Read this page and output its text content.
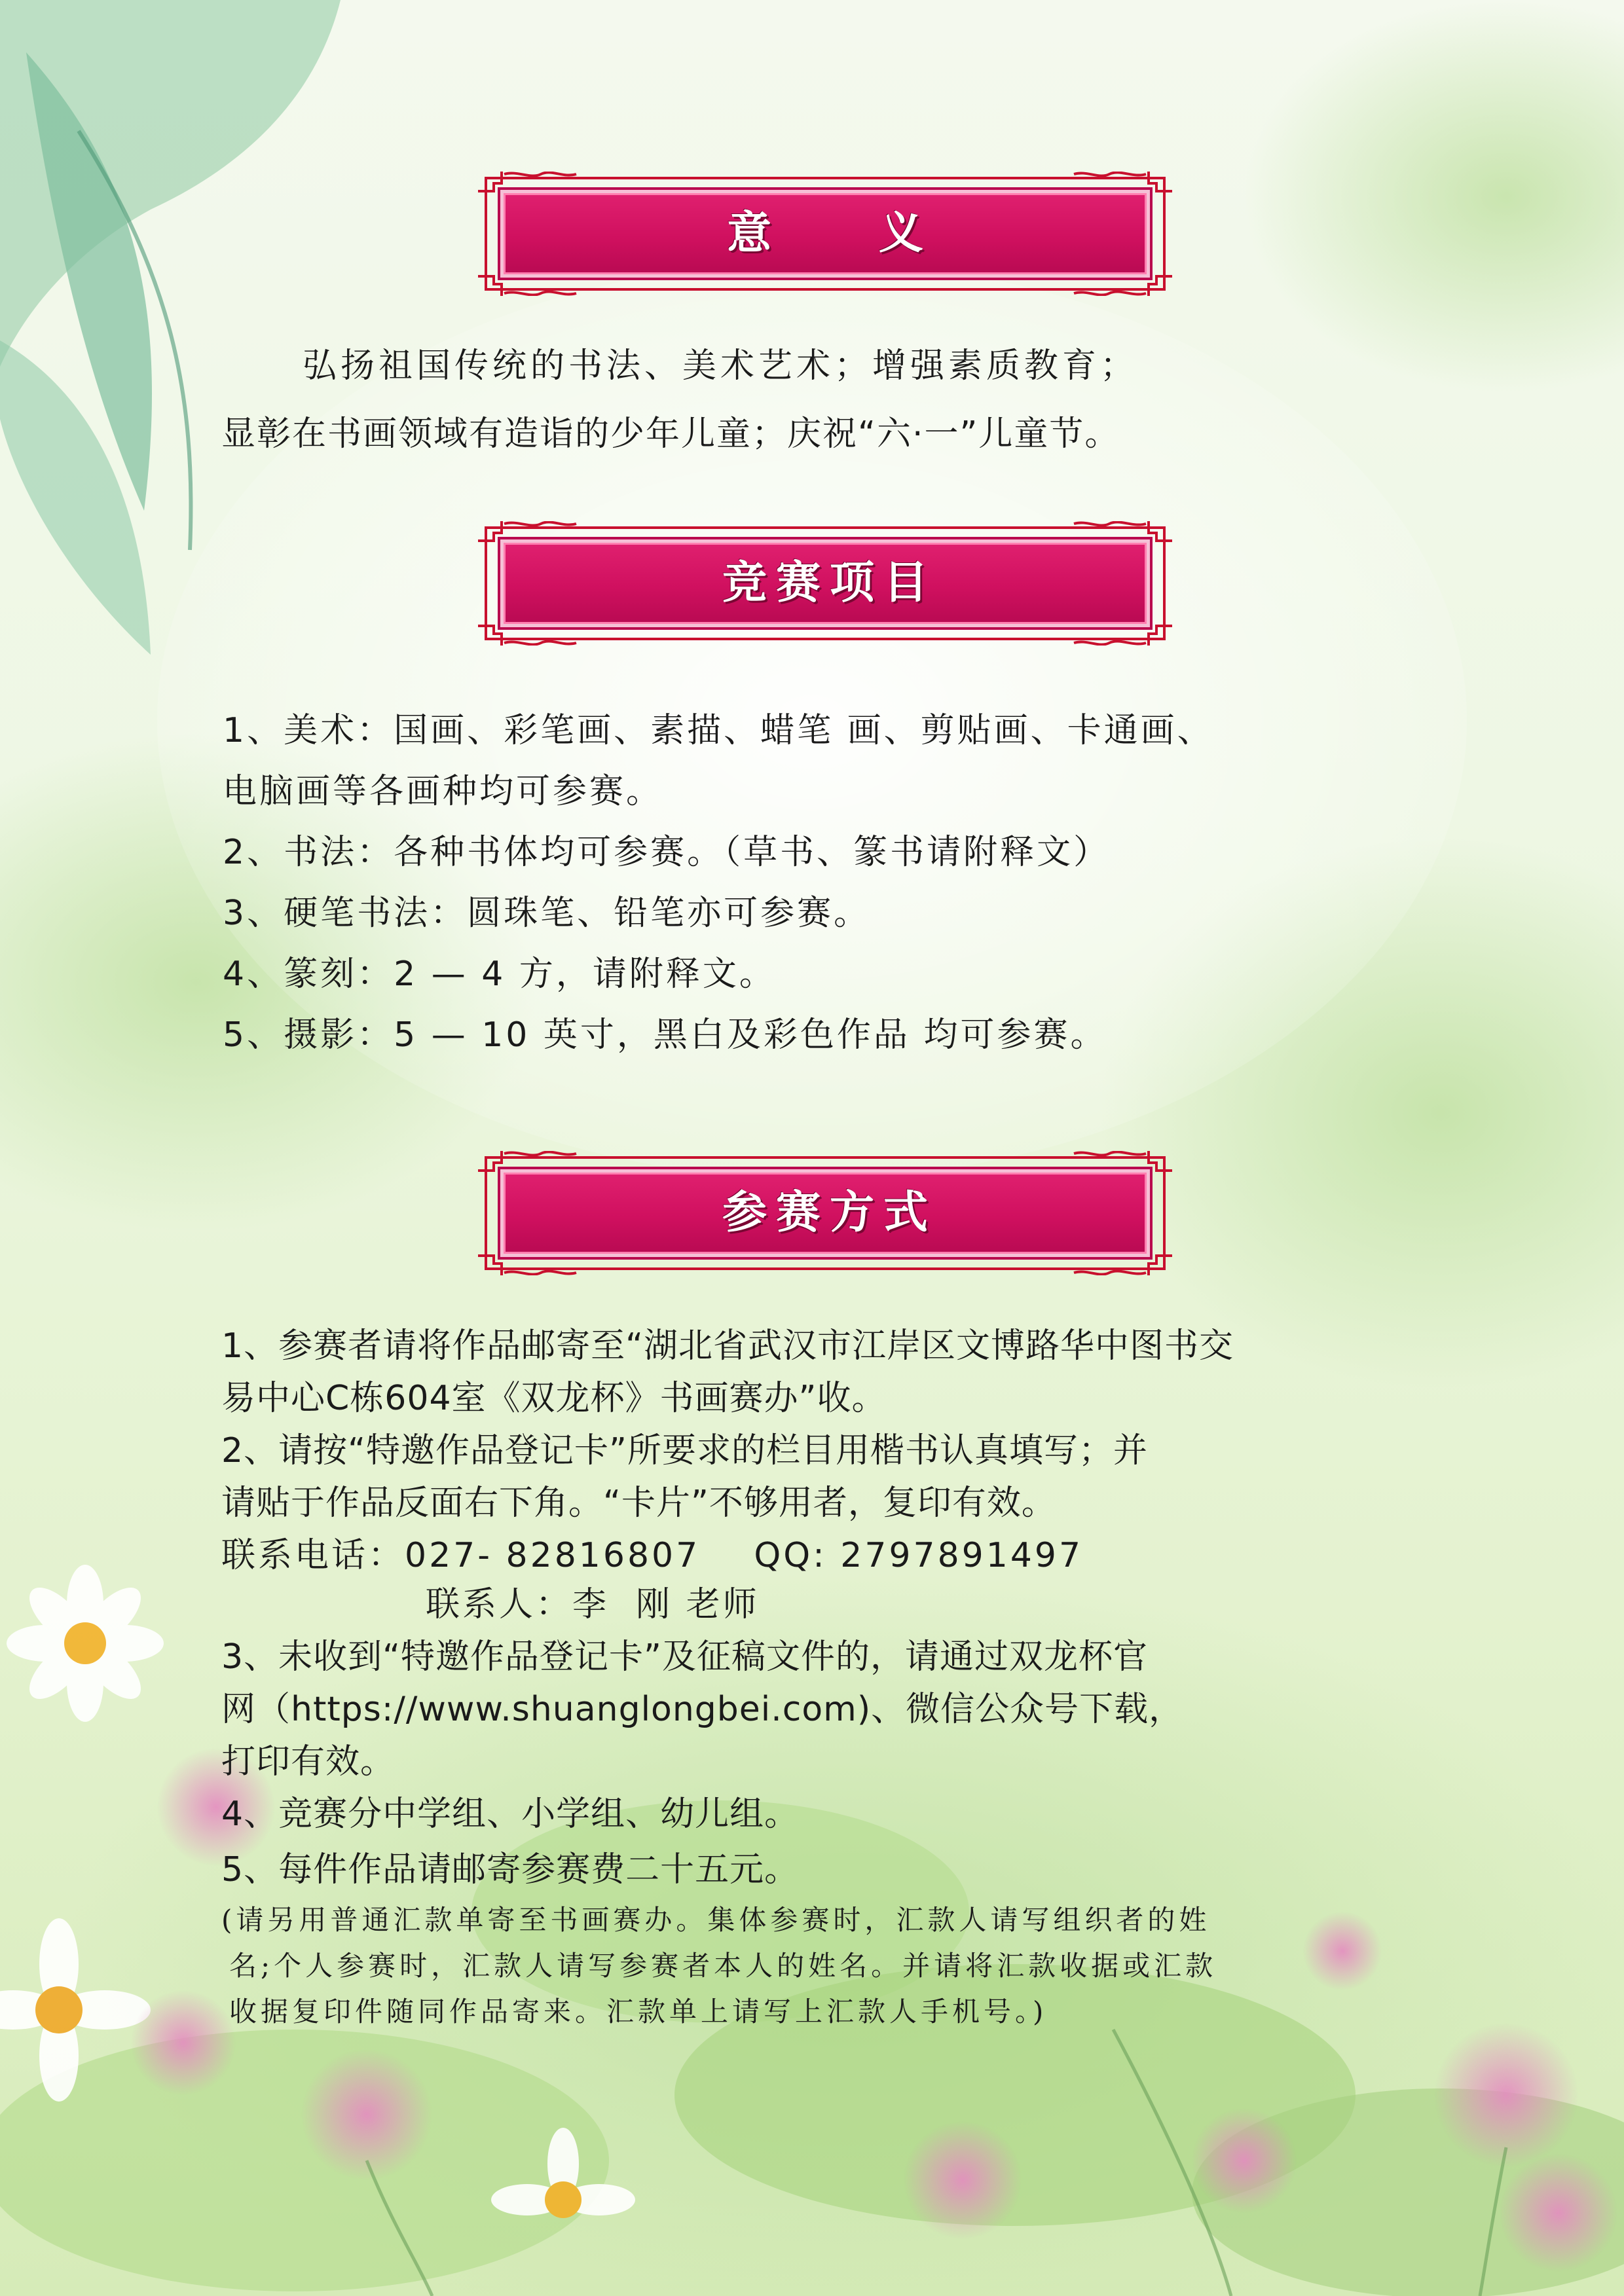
意 义
弘扬祖国传统的书法、美术艺术；增强素质教育；
显彰在书画领域有造诣的少年儿童；庆祝“六·一”儿童节。
竞赛项目
1、美术：国画、彩笔画、素描、蜡笔 画、剪贴画、卡通画、
电脑画等各画种均可参赛。
2、书法：各种书体均可参赛。（草书、篆书请附释文）
3、硬笔书法：圆珠笔、铅笔亦可参赛。
4、篆刻：2 — 4 方，请附释文。
5、摄影：5 — 10 英寸，黑白及彩色作品 均可参赛。
参赛方式
1、参赛者请将作品邮寄至“湖北省武汉市江岸区文博路华中图书交
易中心C栋604室《双龙杯》书画赛办”收。
2、请按“特邀作品登记卡”所要求的栏目用楷书认真填写；并
请贴于作品反面右下角。“卡片”不够用者，复印有效。
联系电话：027- 82816807    QQ: 2797891497
联系人：李  刚 老师
3、未收到“特邀作品登记卡”及征稿文件的，请通过双龙杯官
网（https://www.shuanglongbei.com)、微信公众号下载，
打印有效。
4、竞赛分中学组、小学组、幼儿组。
5、每件作品请邮寄参赛费二十五元。
(请另用普通汇款单寄至书画赛办。集体参赛时，汇款人请写组织者的姓
名;个人参赛时，汇款人请写参赛者本人的姓名。并请将汇款收据或汇款
收据复印件随同作品寄来。汇款单上请写上汇款人手机号。)
